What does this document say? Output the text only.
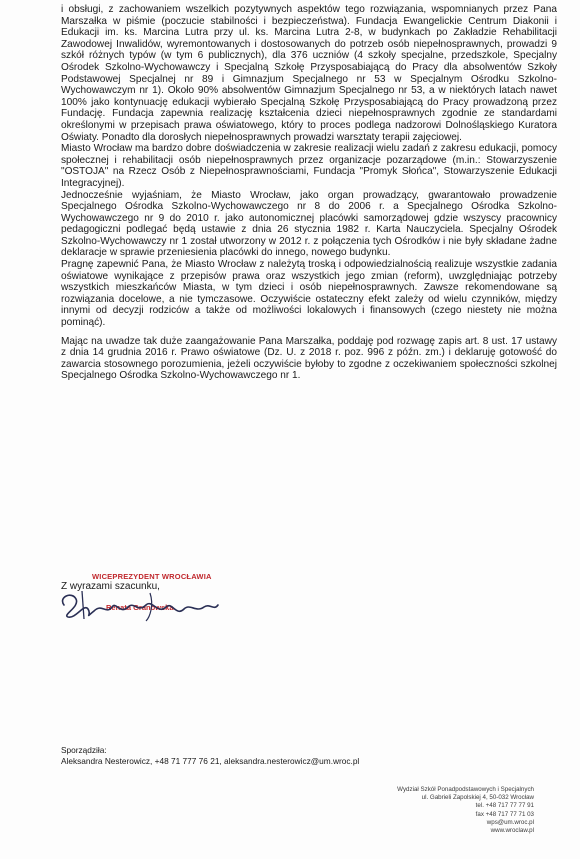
i obsługi, z zachowaniem wszelkich pozytywnych aspektów tego rozwiązania, wspomnianych przez Pana Marszałka w piśmie (poczucie stabilności i bezpieczeństwa). Fundacja Ewangelickie Centrum Diakonii i Edukacji im. ks. Marcina Lutra przy ul. ks. Marcina Lutra 2-8, w budynkach po Zakładzie Rehabilitacji Zawodowej Inwalidów, wyremontowanych i dostosowanych do potrzeb osób niepełnosprawnych, prowadzi 9 szkół różnych typów (w tym 6 publicznych), dla 376 uczniów (4 szkoły specjalne, przedszkole, Specjalny Ośrodek Szkolno-Wychowawczy i Specjalną Szkołę Przysposabiającą do Pracy dla absolwentów Szkoły Podstawowej Specjalnej nr 89 i Gimnazjum Specjalnego nr 53 w Specjalnym Ośrodku Szkolno-Wychowawczym nr 1). Około 90% absolwentów Gimnazjum Specjalnego nr 53, a w niektórych latach nawet 100% jako kontynuację edukacji wybierało Specjalną Szkołę Przysposabiającą do Pracy prowadzoną przez Fundację. Fundacja zapewnia realizację kształcenia dzieci niepełnosprawnych zgodnie ze standardami określonymi w przepisach prawa oświatowego, który to proces podlega nadzorowi Dolnośląskiego Kuratora Oświaty. Ponadto dla dorosłych niepełnosprawnych prowadzi warsztaty terapii zajęciowej.

Miasto Wrocław ma bardzo dobre doświadczenia w zakresie realizacji wielu zadań z zakresu edukacji, pomocy społecznej i rehabilitacji osób niepełnosprawnych przez organizacje pozarządowe (m.in.: Stowarzyszenie "OSTOJA" na Rzecz Osób z Niepełnosprawnościami, Fundacja "Promyk Słońca", Stowarzyszenie Edukacji Integracyjnej).

Jednocześnie wyjaśniam, że Miasto Wrocław, jako organ prowadzący, gwarantowało prowadzenie Specjalnego Ośrodka Szkolno-Wychowawczego nr 8 do 2006 r. a Specjalnego Ośrodka Szkolno-Wychowawczego nr 9 do 2010 r. jako autonomicznej placówki samorządowej gdzie wszyscy pracownicy pedagogiczni podlegać będą ustawie z dnia 26 stycznia 1982 r. Karta Nauczyciela. Specjalny Ośrodek Szkolno-Wychowawczy nr 1 został utworzony w 2012 r. z połączenia tych Ośrodków i nie były składane żadne deklaracje w sprawie przeniesienia placówki do innego, nowego budynku.

Pragnę zapewnić Pana, że Miasto Wrocław z należytą troską i odpowiedzialnością realizuje wszystkie zadania oświatowe wynikające z przepisów prawa oraz wszystkich jego zmian (reform), uwzględniając potrzeby wszystkich mieszkańców Miasta, w tym dzieci i osób niepełnosprawnych. Zawsze rekomendowane są rozwiązania docelowe, a nie tymczasowe. Oczywiście ostateczny efekt zależy od wielu czynników, między innymi od decyzji rodziców a także od możliwości lokalowych i finansowych (czego niestety nie można pominąć).

Mając na uwadze tak duże zaangażowanie Pana Marszałka, poddaję pod rozwagę zapis art. 8 ust. 17 ustawy z dnia 14 grudnia 2016 r. Prawo oświatowe (Dz. U. z 2018 r. poz. 996 z późn. zm.) i deklaruję gotowość do zawarcia stosownego porozumienia, jeżeli oczywiście byłoby to zgodne z oczekiwaniem społeczności szkolnej Specjalnego Ośrodka Szkolno-Wychowawczego nr 1.

Z wyrazami szacunku,
WICEPREZYDENT WROCŁAWIA
Renata Granowska
Sporządziła:
Aleksandra Nesterowicz, +48 71 777 76 21, aleksandra.nesterowicz@um.wroc.pl
Wydział Szkół Ponadpodstawowych i Specjalnych
ul. Gabrieli Zapolskiej 4, 50-032 Wrocław
tel. +48 717 77 77 91
fax +48 717 77 71 03
wps@um.wroc.pl
www.wroclaw.pl
